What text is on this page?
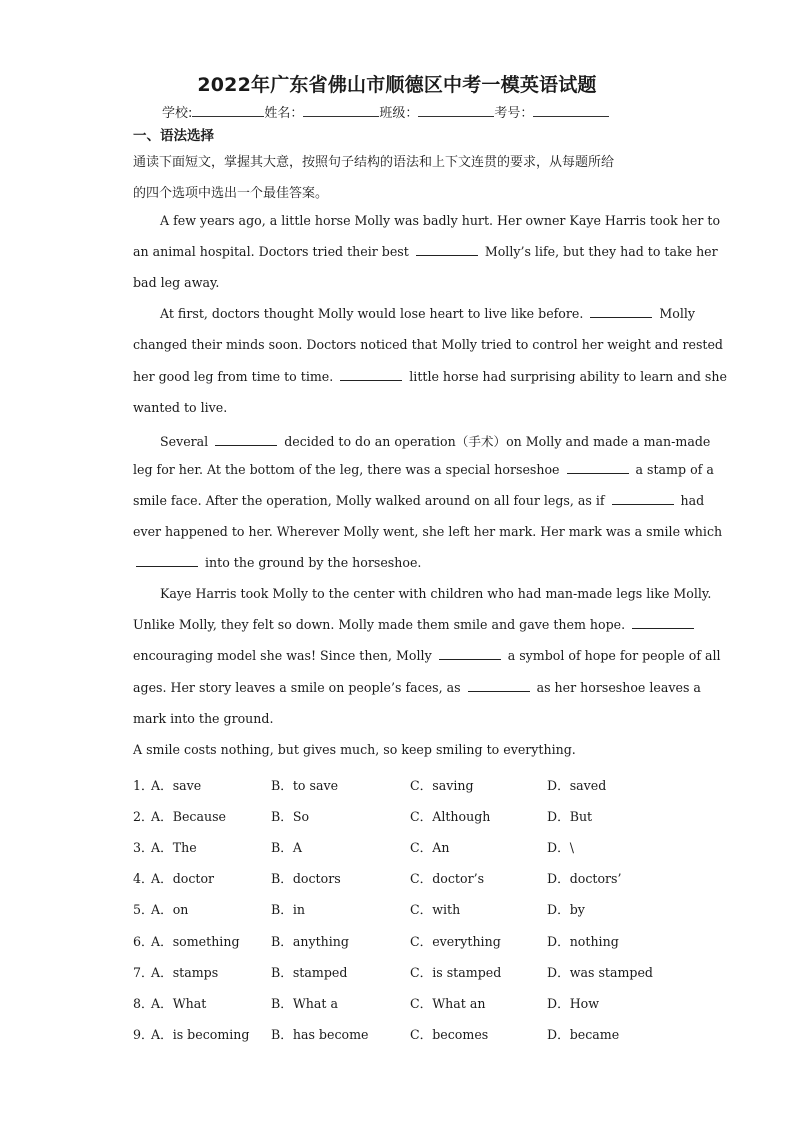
2022年广东省佛山市顺德区中考一模英语试题
学校:	姓名：	班级：	考号：
一、语法选择
通读下面短文，掌握其大意，按照句子结构的语法和上下文连贯的要求，从每题所给
的四个选项中选出一个最佳答案。
A few years ago, a little horse Molly was badly hurt. Her owner Kaye Harris took her to
an animal hospital. Doctors tried their best	Molly’s life, but they had to take her
bad leg away.
At first, doctors thought Molly would lose heart to live like before.	Molly
changed their minds soon. Doctors noticed that Molly tried to control her weight and rested
her good leg from time to time.	little horse had surprising ability to learn and she
wanted to live.
Several	decided to do an operation（手术）on Molly and made a man-made
leg for her. At the bottom of the leg, there was a special horseshoe	a stamp of a
smile face. After the operation, Molly walked around on all four legs, as if	had
ever happened to her. Wherever Molly went, she left her mark. Her mark was a smile which
into the ground by the horseshoe.
Kaye Harris took Molly to the center with children who had man-made legs like Molly.
Unlike Molly, they felt so down. Molly made them smile and gave them hope.
encouraging model she was! Since then, Molly	a symbol of hope for people of all
ages. Her story leaves a smile on people’s faces, as	as her horseshoe leaves a
mark into the ground.
A smile costs nothing, but gives much, so keep smiling to everything.
1．
A．save	B．to save	C．saving	D．saved
2．
A．Because	B．So	C．Although	D．But
3．
A．The	B．A	C．An	D．\
4．
A．doctor	B．doctors	C．doctor’s	D．doctors’
5．
A．on	B．in	C．with	D．by
6．
A．something B．anything	C．everything	D．nothing
7．
A．stamps	B．stamped	C．is stamped	D．was stamped
8．
A．What	B．What a	C．What an	D．How
9．
A．is becoming B．has become	C．becomes	D．became
